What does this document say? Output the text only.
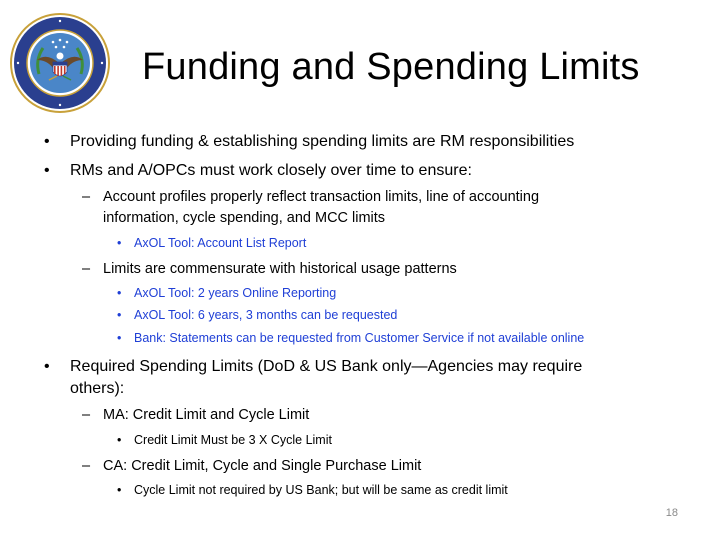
Funding and Spending Limits
• Providing funding & establishing spending limits are RM responsibilities
• RMs and A/OPCs must work closely over time to ensure:
– Account profiles properly reflect transaction limits, line of accounting
information, cycle spending, and MCC limits
• AxOL Tool: Account List Report
– Limits are commensurate with historical usage patterns
• AxOL Tool: 2 years Online Reporting
• AxOL Tool: 6 years, 3 months can be requested
• Bank: Statements can be requested from Customer Service if not available online
• Required Spending Limits (DoD & US Bank only—Agencies may require
others):
– MA: Credit Limit and Cycle Limit
• Credit Limit Must be 3 X Cycle Limit
– CA: Credit Limit, Cycle and Single Purchase Limit
• Cycle Limit not required by US Bank; but will be same as credit limit
18
